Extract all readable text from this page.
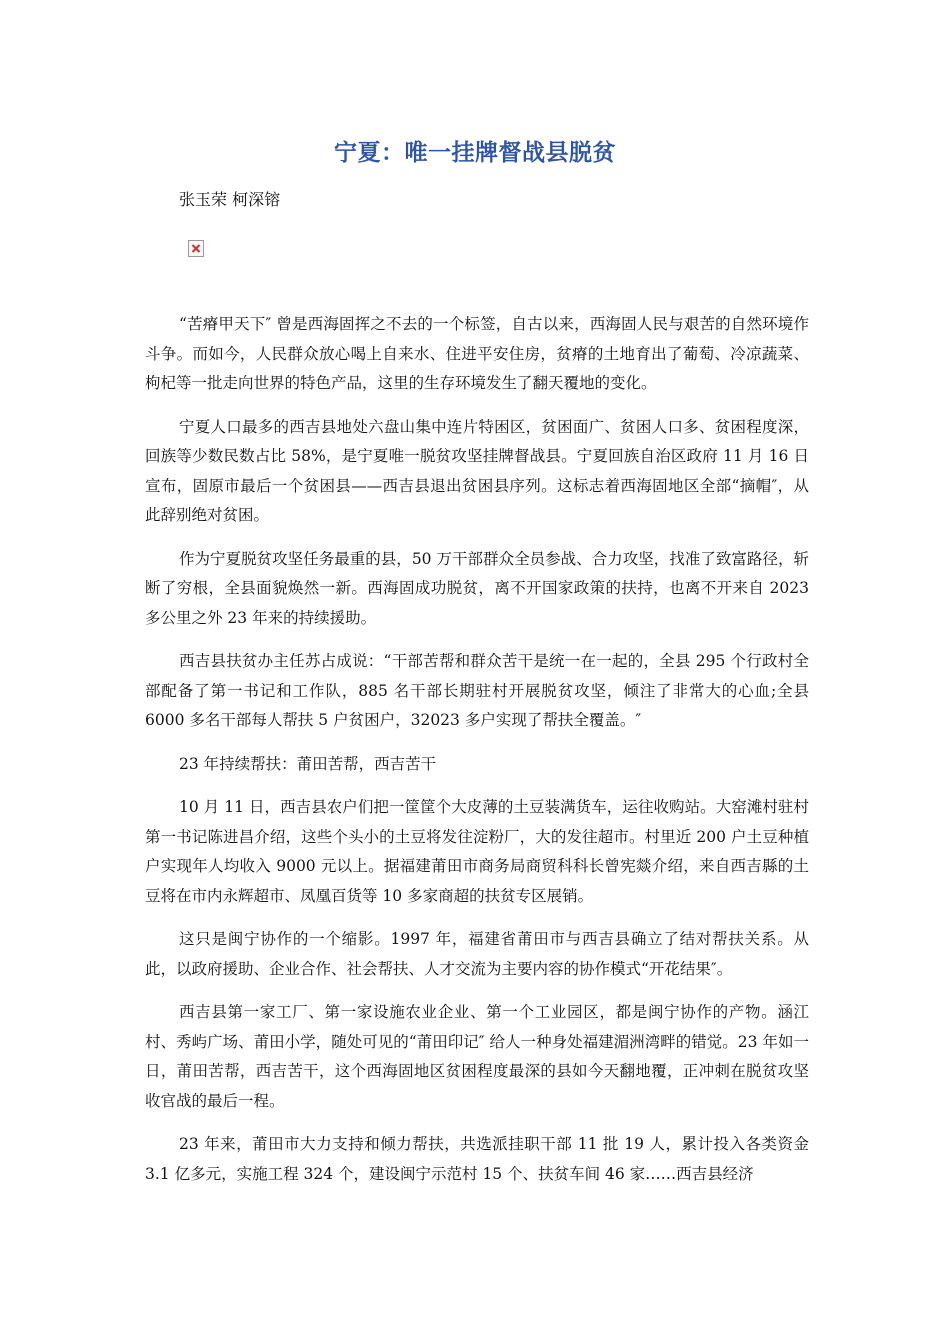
宁夏：唯一挂牌督战县脱贫
张玉荣 柯深镕

“苦瘠甲天下″ 曾是西海固挥之不去的一个标签，自古以来，西海固人民与艰苦的自然环境作斗争。而如今，人民群众放心喝上自来水、住进平安住房，贫瘠的土地育出了葡萄、冷凉蔬菜、枸杞等一批走向世界的特色产品，这里的生存环境发生了翻天覆地的变化。

宁夏人口最多的西吉县地处六盘山集中连片特困区，贫困面广、贫困人口多、贫困程度深，回族等少数民数占比 58%，是宁夏唯一脱贫攻坚挂牌督战县。宁夏回族自治区政府 11 月 16 日宣布，固原市最后一个贫困县——西吉县退出贫困县序列。这标志着西海固地区全部“摘帽″，从此辞别绝对贫困。

作为宁夏脱贫攻坚任务最重的县，50 万干部群众全员参战、合力攻坚，找准了致富路径，斩断了穷根，全县面貌焕然一新。西海固成功脱贫，离不开国家政策的扶持，也离不开来自 2023 多公里之外 23 年来的持续援助。

西吉县扶贫办主任苏占成说：“干部苦帮和群众苦干是统一在一起的，全县 295 个行政村全部配备了第一书记和工作队，885 名干部长期驻村开展脱贫攻坚，倾注了非常大的心血;全县 6000 多名干部每人帮扶 5 户贫困户，32023 多户实现了帮扶全覆盖。″

23 年持续帮扶：莆田苦帮，西吉苦干

10 月 11 日，西吉县农户们把一筐筐个大皮薄的土豆装满货车，运往收购站。大窑滩村驻村第一书记陈进昌介绍，这些个头小的土豆将发往淀粉厂，大的发往超市。村里近 200 户土豆种植户实现年人均收入 9000 元以上。据福建莆田市商务局商贸科科长曾宪燚介绍，来自西吉縣的土豆将在市内永辉超市、凤凰百货等 10 多家商超的扶贫专区展销。

这只是闽宁协作的一个缩影。1997 年，福建省莆田市与西吉县确立了结对帮扶关系。从此，以政府援助、企业合作、社会帮扶、人才交流为主要内容的协作模式“开花结果″。

西吉县第一家工厂、第一家设施农业企业、第一个工业园区，都是闽宁协作的产物。涵江村、秀屿广场、莆田小学，随处可见的“莆田印记″ 给人一种身处福建湄洲湾畔的错觉。23 年如一日，莆田苦帮，西吉苦干，这个西海固地区贫困程度最深的县如今天翻地覆，正冲刺在脱贫攻坚收官战的最后一程。

23 年来，莆田市大力支持和倾力帮扶，共选派挂职干部 11 批 19 人，累计投入各类资金 3.1 亿多元，实施工程 324 个，建设闽宁示范村 15 个、扶贫车间 46 家……西吉县经济
